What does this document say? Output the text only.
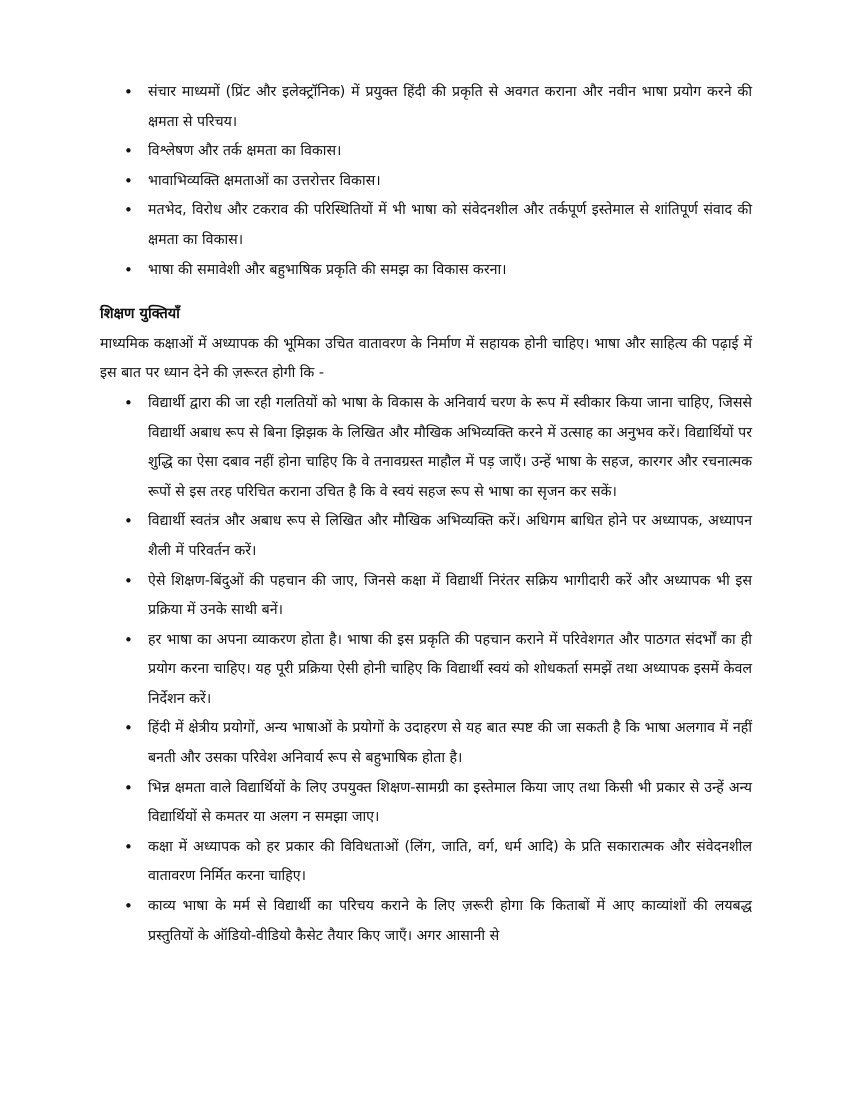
• संचार माध्यमों (प्रिंट और इलेक्ट्रॉनिक) में प्रयुक्त हिंदी की प्रकृति से अवगत कराना और नवीन भाषा प्रयोग करने की क्षमता से परिचय।
• विश्लेषण और तर्क क्षमता का विकास।
• भावाभिव्यक्ति क्षमताओं का उत्तरोत्तर विकास।
• मतभेद, विरोध और टकराव की परिस्थितियों में भी भाषा को संवेदनशील और तर्कपूर्ण इस्तेमाल से शांतिपूर्ण संवाद की क्षमता का विकास।
• भाषा की समावेशी और बहुभाषिक प्रकृति की समझ का विकास करना।

शिक्षण युक्तियाँ

माध्यमिक कक्षाओं में अध्यापक की भूमिका उचित वातावरण के निर्माण में सहायक होनी चाहिए। भाषा और साहित्य की पढ़ाई में इस बात पर ध्यान देने की ज़रूरत होगी कि -

• विद्यार्थी द्वारा की जा रही गलतियों को भाषा के विकास के अनिवार्य चरण के रूप में स्वीकार किया जाना चाहिए, जिससे विद्यार्थी अबाध रूप से बिना झिझक के लिखित और मौखिक अभिव्यक्ति करने में उत्साह का अनुभव करें। विद्यार्थियों पर शुद्धि का ऐसा दबाव नहीं होना चाहिए कि वे तनावग्रस्त माहौल में पड़ जाएँ। उन्हें भाषा के सहज, कारगर और रचनात्मक रूपों से इस तरह परिचित कराना उचित है कि वे स्वयं सहज रूप से भाषा का सृजन कर सकें।
• विद्यार्थी स्वतंत्र और अबाध रूप से लिखित और मौखिक अभिव्यक्ति करें। अधिगम बाधित होने पर अध्यापक, अध्यापन शैली में परिवर्तन करें।
• ऐसे शिक्षण-बिंदुओं की पहचान की जाए, जिनसे कक्षा में विद्यार्थी निरंतर सक्रिय भागीदारी करें और अध्यापक भी इस प्रक्रिया में उनके साथी बनें।
• हर भाषा का अपना व्याकरण होता है। भाषा की इस प्रकृति की पहचान कराने में परिवेशगत और पाठगत संदर्भों का ही प्रयोग करना चाहिए। यह पूरी प्रक्रिया ऐसी होनी चाहिए कि विद्यार्थी स्वयं को शोधकर्ता समझें तथा अध्यापक इसमें केवल निर्देशन करें।
• हिंदी में क्षेत्रीय प्रयोगों, अन्य भाषाओं के प्रयोगों के उदाहरण से यह बात स्पष्ट की जा सकती है कि भाषा अलगाव में नहीं बनती और उसका परिवेश अनिवार्य रूप से बहुभाषिक होता है।
• भिन्न क्षमता वाले विद्यार्थियों के लिए उपयुक्त शिक्षण-सामग्री का इस्तेमाल किया जाए तथा किसी भी प्रकार से उन्हें अन्य विद्यार्थियों से कमतर या अलग न समझा जाए।
• कक्षा में अध्यापक को हर प्रकार की विविधताओं (लिंग, जाति, वर्ग, धर्म आदि) के प्रति सकारात्मक और संवेदनशील वातावरण निर्मित करना चाहिए।
• काव्य भाषा के मर्म से विद्यार्थी का परिचय कराने के लिए ज़रूरी होगा कि किताबों में आए काव्यांशों की लयबद्ध प्रस्तुतियों के ऑडियो-वीडियो कैसेट तैयार किए जाएँ। अगर आसानी से
